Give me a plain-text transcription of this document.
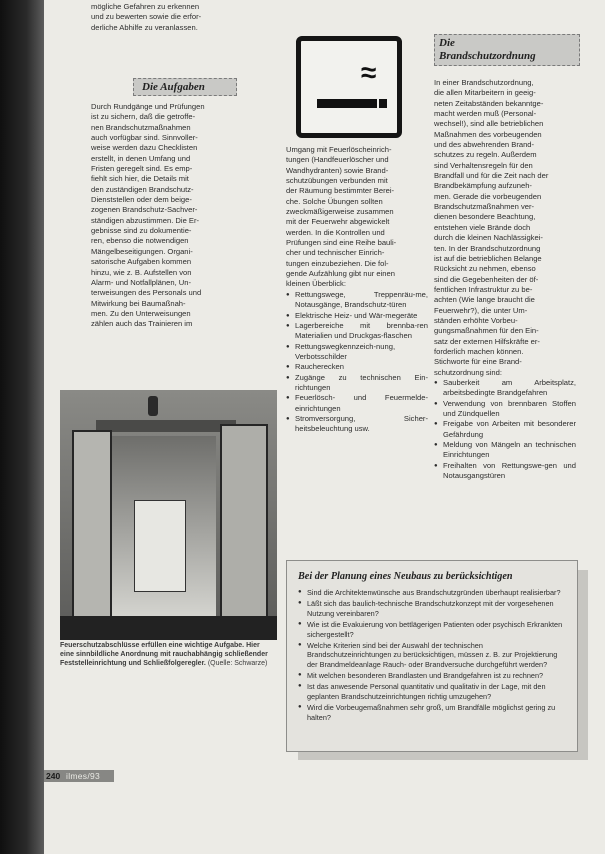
mögliche Gefahren zu erkennen

und zu bewerten sowie die erfor-

derliche Abhilfe zu veranlassen.

Die Aufgaben

Durch Rundgänge und Prüfungen

ist zu sichern, daß die getroffe-

nen Brandschutzmaßnahmen

auch vorfügbar sind. Sinnvoller-

weise werden dazu Checklisten

erstellt, in denen Umfang und

Fristen geregelt sind. Es emp-

fiehlt sich hier, die Details mit

den zuständigen Brandschutz-

Dienststellen oder dem beige-

zogenen Brandschutz-Sachver-

ständigen abzustimmen. Die Er-

gebnisse sind zu dokumentie-

ren, ebenso die notwendigen

Mängelbeseitigungen. Organi-

satorische Aufgaben kommen

hinzu, wie z. B. Aufstellen von

Alarm- und Notfallplänen, Un-

terweisungen des Personals und

Mitwirkung bei Baumaßnah-

men. Zu den Unterweisungen

zählen auch das Trainieren im

≈

Umgang mit Feuerlöscheinrich-

tungen (Handfeuerlöscher und

Wandhydranten) sowie Brand-

schutzübungen verbunden mit

der Räumung bestimmter Berei-

che. Solche Übungen sollten

zweckmäßigerweise zusammen

mit der Feuerwehr abgewickelt

werden. In die Kontrollen und

Prüfungen sind eine Reihe bauli-

cher und technischer Einrich-

tungen einzubeziehen. Die fol-

gende Aufzählung gibt nur einen

kleinen Überblick:

● Rettungswege, Treppenräu-me, Notausgänge, Brandschutz-türen
● Elektrische Heiz- und Wär-megeräte
● Lagerbereiche mit brennba-ren Materialien und Druckgas-flaschen
● Rettungswegkennzeich-nung, Verbotsschilder
● Raucherecken
● Zugänge zu technischen Ein-richtungen
● Feuerlösch- und Feuermelde-einrichtungen
● Stromversorgung, Sicher-heitsbeleuchtung usw.
Die
Brandschutzordnung

In einer Brandschutzordnung,

die allen Mitarbeitern in geeig-

neten Zeitabständen bekanntge-

macht werden muß (Personal-

wechsel!), sind alle betrieblichen

Maßnahmen des vorbeugenden

und des abwehrenden Brand-

schutzes zu regeln. Außerdem

sind Verhaltensregeln für den

Brandfall und für die Zeit nach der

Brandbekämpfung aufzuneh-

men. Gerade die vorbeugenden

Brandschutzmaßnahmen ver-

dienen besondere Beachtung,

entstehen viele Brände doch

durch die kleinen Nachlässigkei-

ten. In der Brandschutzordnung

ist auf die betrieblichen Belange

Rücksicht zu nehmen, ebenso

sind die Gegebenheiten der öf-

fentlichen Infrastruktur zu be-

achten (Wie lange braucht die

Feuerwehr?), die unter Um-

ständen erhöhte Vorbeu-

gungsmaßnahmen für den Ein-

satz der externen Hilfskräfte er-

forderlich machen können.

Stichworte für eine Brand-

schutzordnung sind:

● Sauberkeit am Arbeitsplatz, arbeitsbedingte Brandgefahren
● Verwendung von brennbaren Stoffen und Zündquellen
● Freigabe von Arbeiten mit besonderer Gefährdung
● Meldung von Mängeln an technischen Einrichtungen
● Freihalten von Rettungswe-gen und Notausgangstüren
Feuerschutzabschlüsse erfüllen eine wichtige Aufgabe. Hier eine sinnbildliche Anordnung mit rauchabhängig schließender Feststelleinrichtung und Schließfolgeregler. (Quelle: Schwarze)
Bei der Planung eines Neubaus zu berücksichtigen
● Sind die Architektenwünsche aus Brandschutzgründen überhaupt realisierbar?
● Läßt sich das baulich-technische Brandschutzkonzept mit der vorgesehenen Nutzung vereinbaren?
● Wie ist die Evakuierung von bettlägerigen Patienten oder psychisch Erkrankten sichergestellt?
● Welche Kriterien sind bei der Auswahl der technischen Brandschutzeinrichtungen zu berücksichtigen, müssen z. B. zur Projektierung der Brandmeldeanlage Rauch- oder Brandversuche durchgeführt werden?
● Mit welchen besonderen Brandlasten und Brandgefahren ist zu rechnen?
● Ist das anwesende Personal quantitativ und qualitativ in der Lage, mit den geplanten Brandschutzeinrichtungen richtig umzugehen?
● Wird die Vorbeugemaßnahmen sehr groß, um Brandfälle möglichst gering zu halten?
240 ilmes/93
